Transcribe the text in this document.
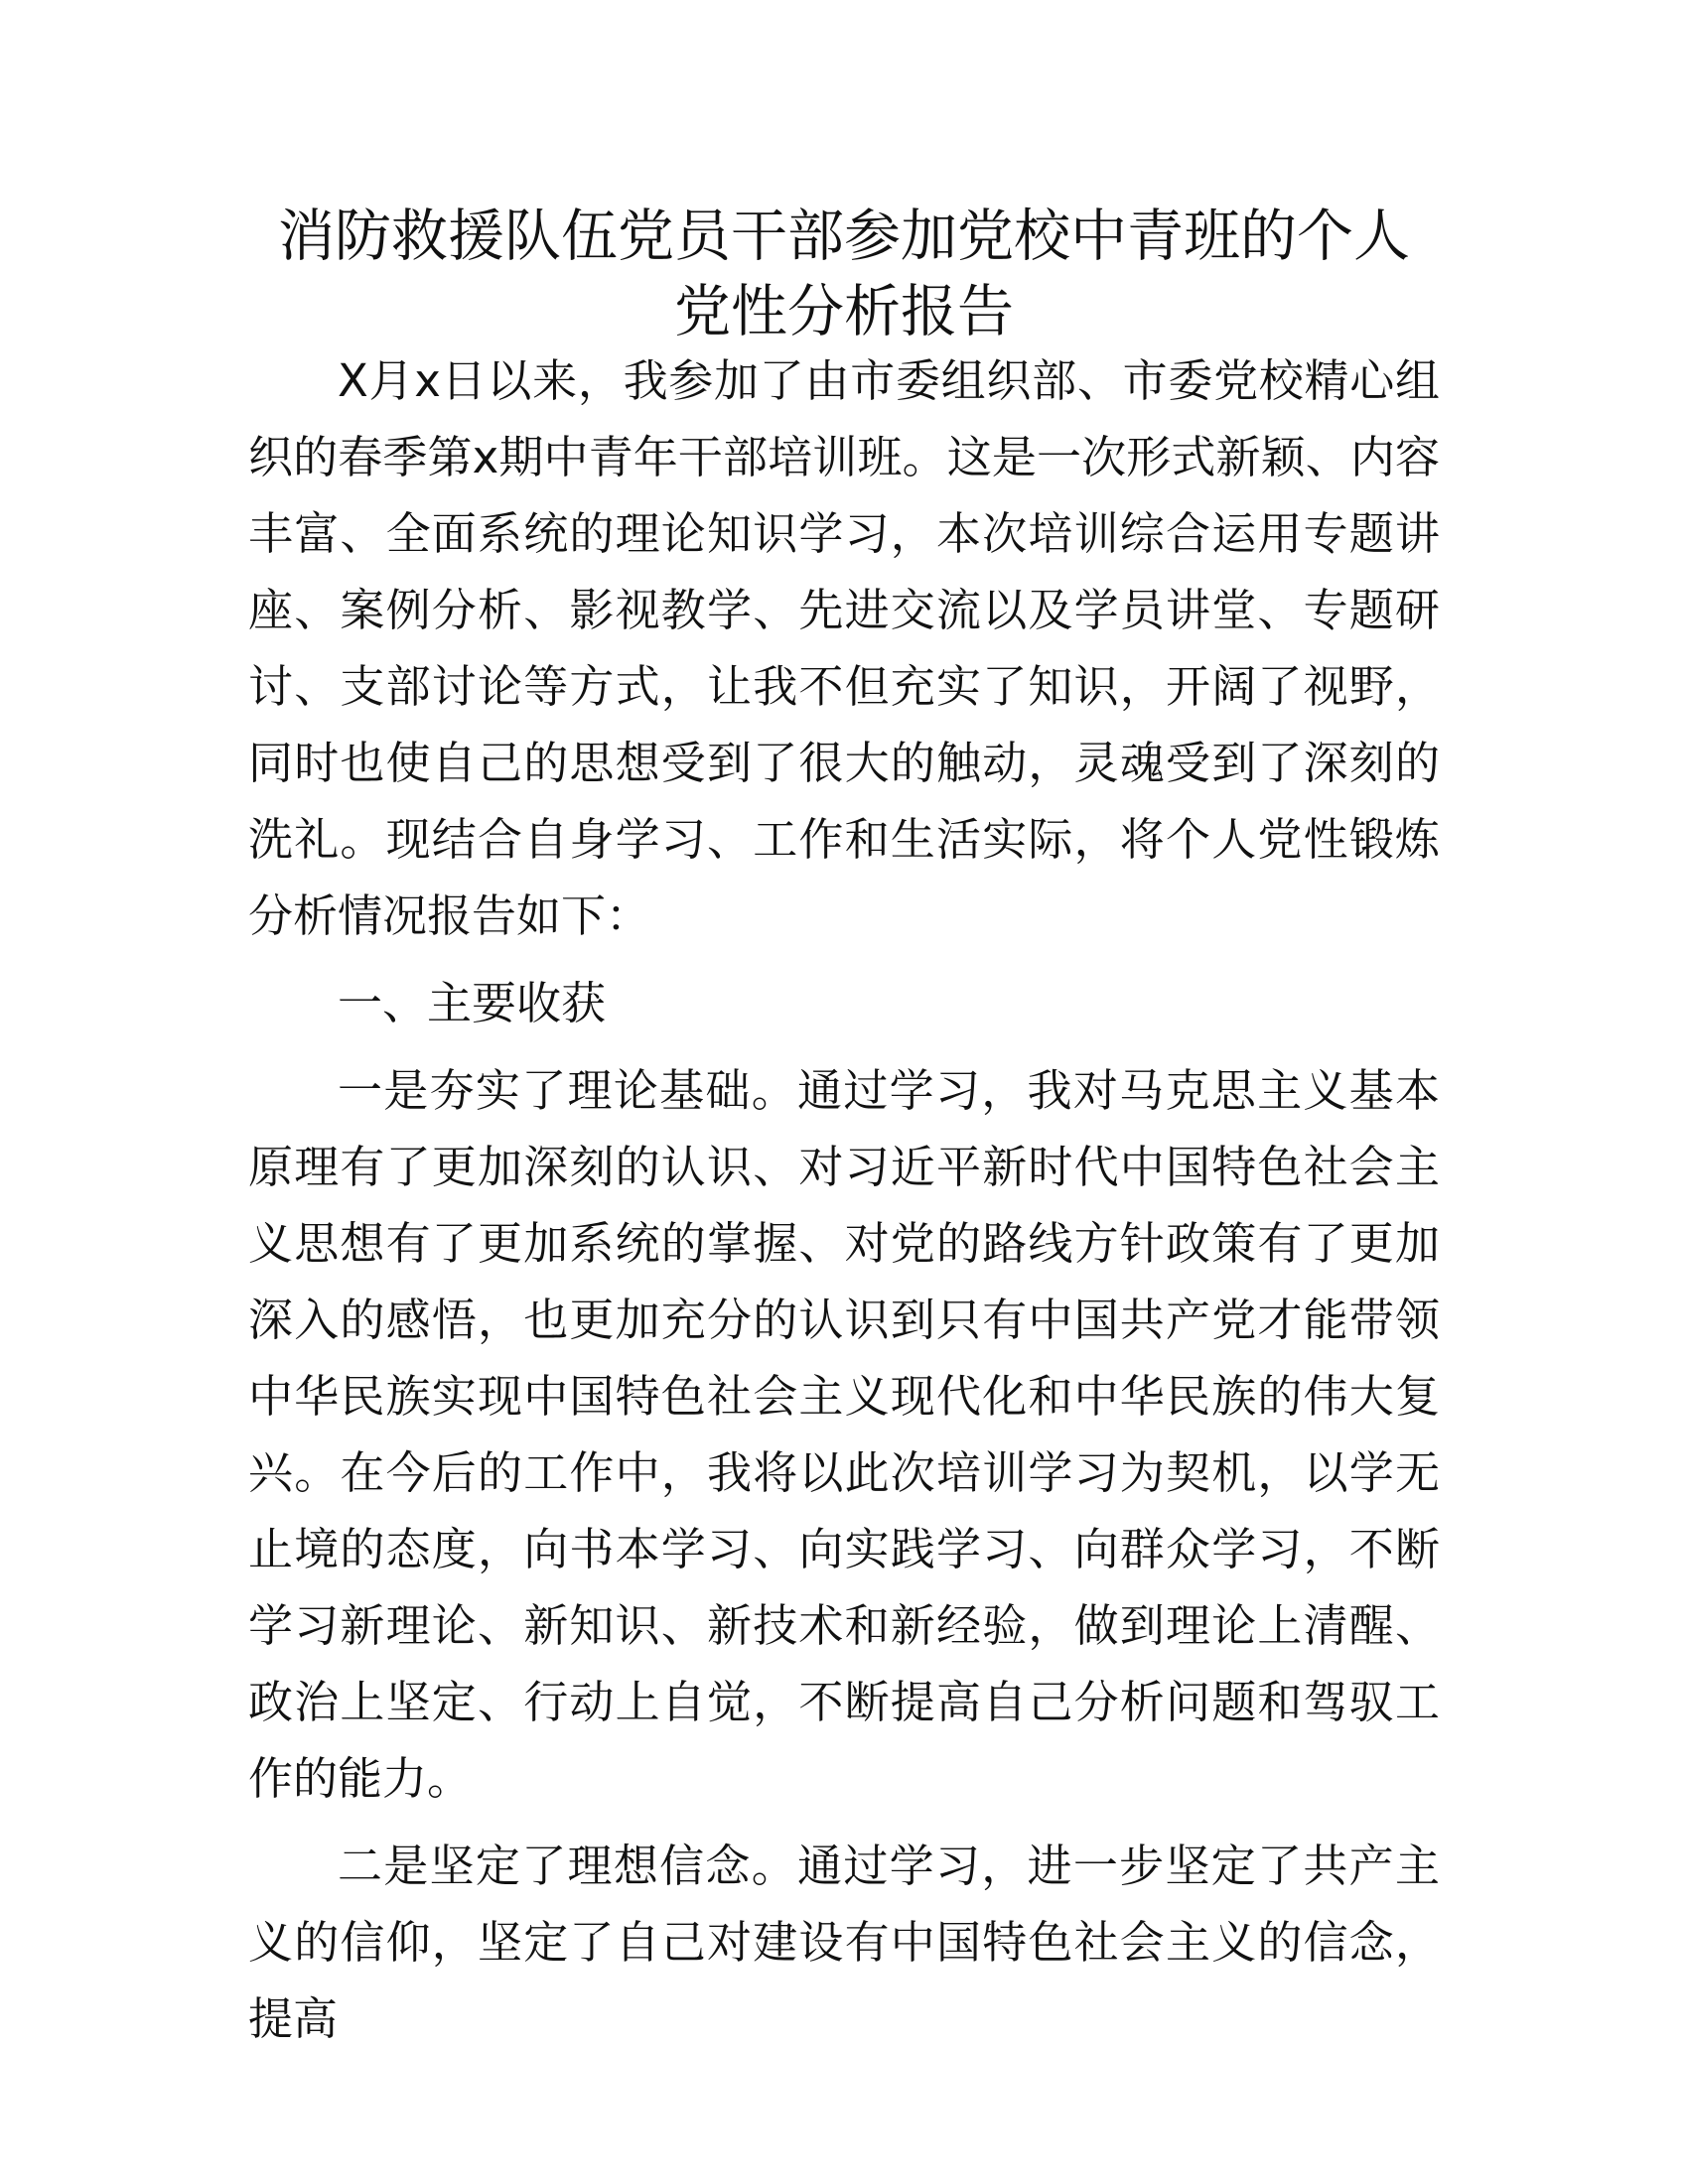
消防救援队伍党员干部参加党校中青班的个人
党性分析报告

X月x日以来，我参加了由市委组织部、市委党校精心组织的春季第x期中青年干部培训班。这是一次形式新颖、内容丰富、全面系统的理论知识学习，本次培训综合运用专题讲座、案例分析、影视教学、先进交流以及学员讲堂、专题研讨、支部讨论等方式，让我不但充实了知识，开阔了视野，同时也使自己的思想受到了很大的触动，灵魂受到了深刻的洗礼。现结合自身学习、工作和生活实际，将个人党性锻炼分析情况报告如下：

一、主要收获

一是夯实了理论基础。通过学习，我对马克思主义基本原理有了更加深刻的认识、对习近平新时代中国特色社会主义思想有了更加系统的掌握、对党的路线方针政策有了更加深入的感悟，也更加充分的认识到只有中国共产党才能带领中华民族实现中国特色社会主义现代化和中华民族的伟大复兴。在今后的工作中，我将以此次培训学习为契机，以学无止境的态度，向书本学习、向实践学习、向群众学习，不断学习新理论、新知识、新技术和新经验，做到理论上清醒、政治上坚定、行动上自觉，不断提高自己分析问题和驾驭工作的能力。

二是坚定了理想信念。通过学习，进一步坚定了共产主义的信仰，坚定了自己对建设有中国特色社会主义的信念，提高
